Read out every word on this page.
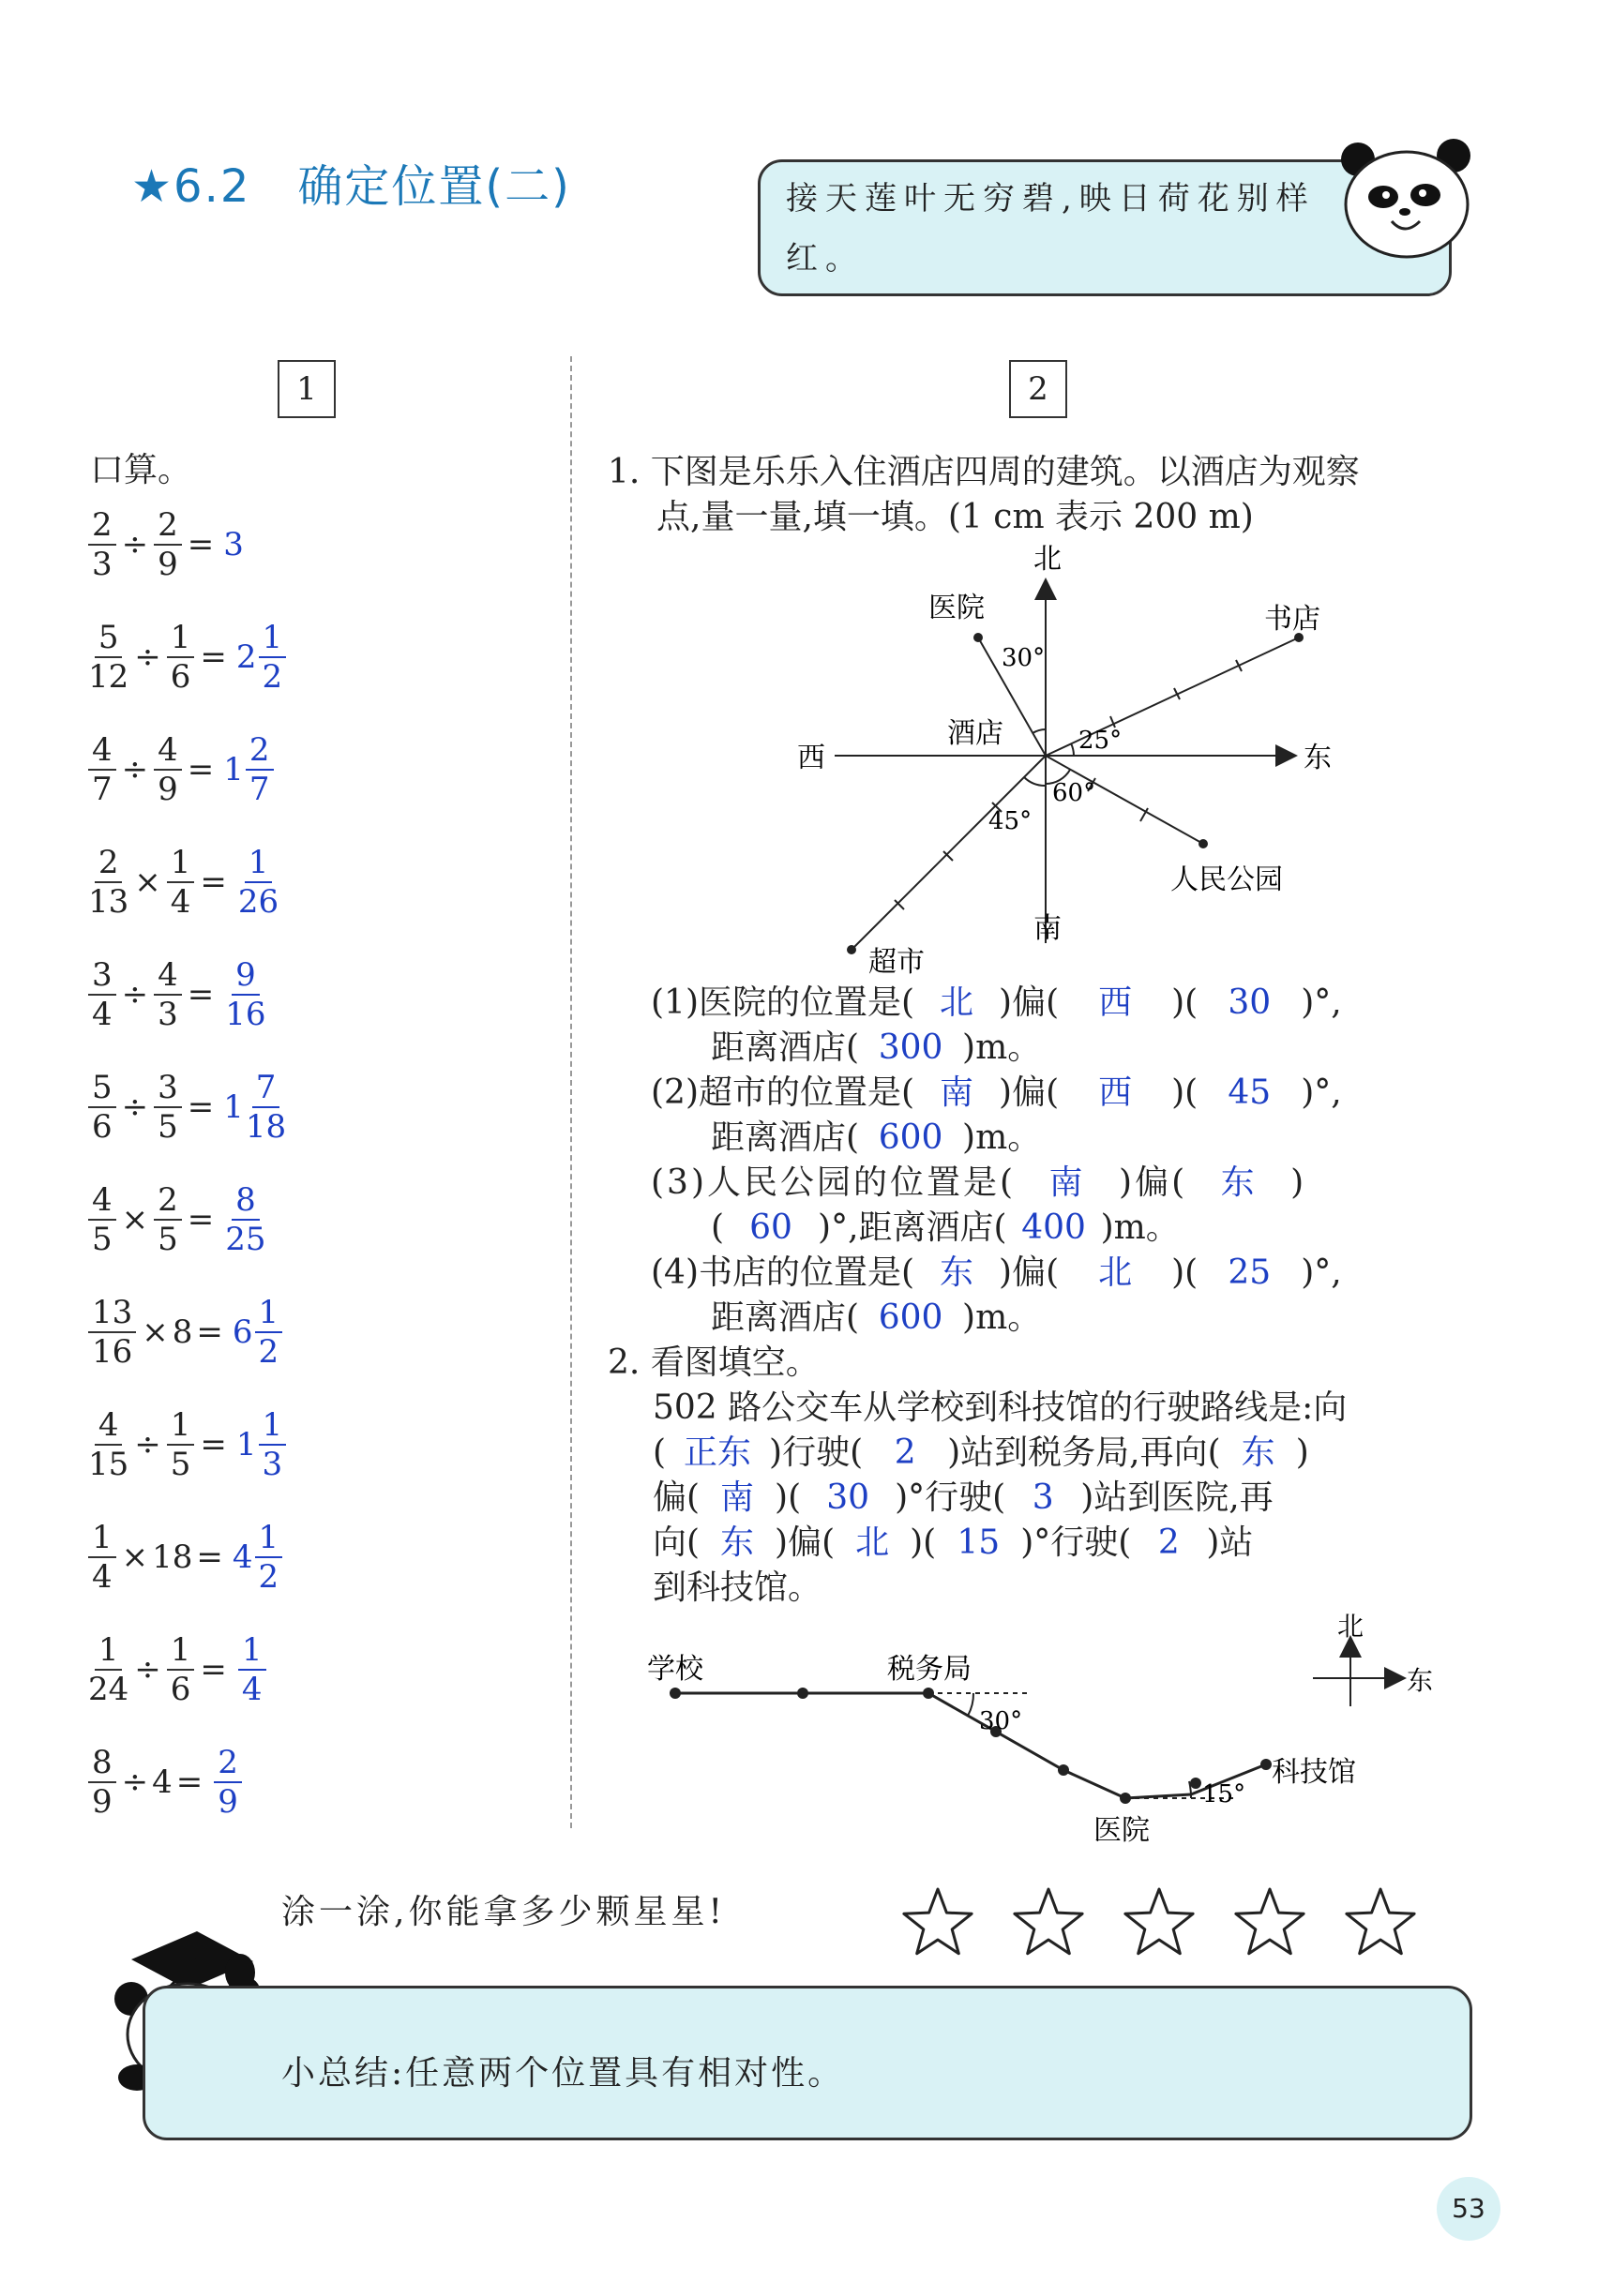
★6.2　确定位置(二)	接天莲叶无穷碧,映日荷花别样红。
1	2
口算。
$\frac{2}{3} \div \frac{2}{9} = 3$
$\frac{5}{12} \div \frac{1}{6} = 2$
1
2
$\frac{4}{7} \div \frac{4}{9} = 1$
2
7
$\frac{2}{13} \times \frac{1}{4}$ =
1
26
$\frac{3}{4} \div \frac{4}{3}$ =
9
16
$\frac{5}{6} \div \frac{3}{5} = 1$
7
18
$\frac{4}{5} \times \frac{2}{5}$ =
8
25
$\frac{13}{16} \times 8 = 6$
1
2
$\frac{4}{15} \div \frac{1}{5} = 1$
1
3
$\frac{1}{4} \times 18 = 4$
1
2
$\frac{1}{24} \div \frac{1}{6}$ =
1
4
$\frac{8}{9} \div 4$ =
2
9
1. 下图是乐乐入住酒店四周的建筑。以酒店为观察
点,量一量,填一填。(1 cm 表示 200 m)
北
南
东
西
酒店
医院	书店
人民公园
超市
30°
25°
60°
45°
(1)医院的位置是( 北 )偏( 西 )( 30 )°,
距离酒店( 300 )m。
(2)超市的位置是( 南 )偏( 西 )( 45 )°,
距离酒店( 600 )m。
(3)人民公园的位置是( 南 )偏( 东 )
( 60 )°,距离酒店( 400 )m。
(4)书店的位置是( 东 )偏( 北 )( 25 )°,
距离酒店( 600 )m。
2. 看图填空。
502 路公交车从学校到科技馆的行驶路线是:向
( 正东 )行驶( 2 )站到税务局,再向( 东 )
偏( 南 )( 30 )°行驶( 3 )站到医院,再
向( 东 )偏( 北 )( 15 )°行驶( 2 )站
到科技馆。
科技馆
学校	税务局
医院
30°
15°
北
东
涂一涂,你能拿多少颗星星!
小总结:任意两个位置具有相对性。
53
